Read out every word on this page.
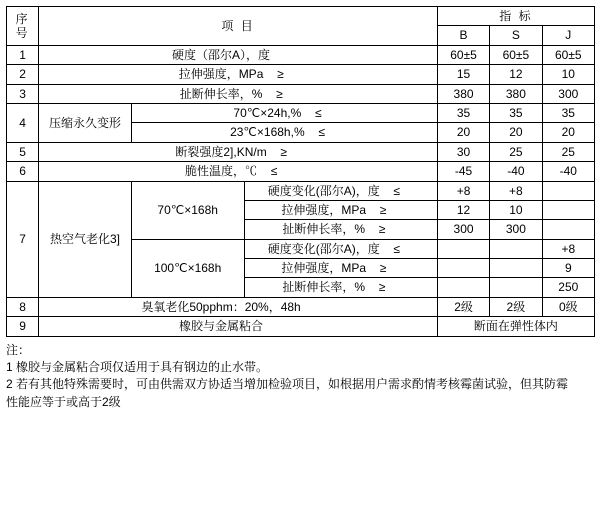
序 号	项 目			指 标		
				B	S	J
1	硬度（邵尔A），度			60±5	60±5	60±5
2	拉伸强度，MPa ≥			15	12	10
3	扯断伸长率，% ≥			380	380	300
4	压缩永久变形	70℃×24h,% ≤		35	35	35

		23℃×168h,% ≤		20	20	20
5	断裂强度2],KN/m ≥			30	25	25
6	脆性温度，℃ ≤			-45	-40	-40
7	热空气老化3]	70℃×168h	硬度变化(邵尔A)，度 ≤	+8	+8	

			拉伸强度，MPa ≥	12	10	

			扯断伸长率，% ≥	300	300	
		100℃×168h	硬度变化(邵尔A)，度 ≤			+8

			拉伸强度，MPa ≥			9

			扯断伸长率，% ≥			250
8	臭氧老化50pphm：20%，48h			2级	2级	0级
9	橡胶与金属粘合			断面在弹性体内		
注：
1 橡胶与金属粘合项仅适用于具有钢边的止水带。
2 若有其他特殊需要时，可由供需双方协适当增加检验项目，如根据用户需求酌情考核霉菌试验，但其防霉
性能应等于或高于2级
